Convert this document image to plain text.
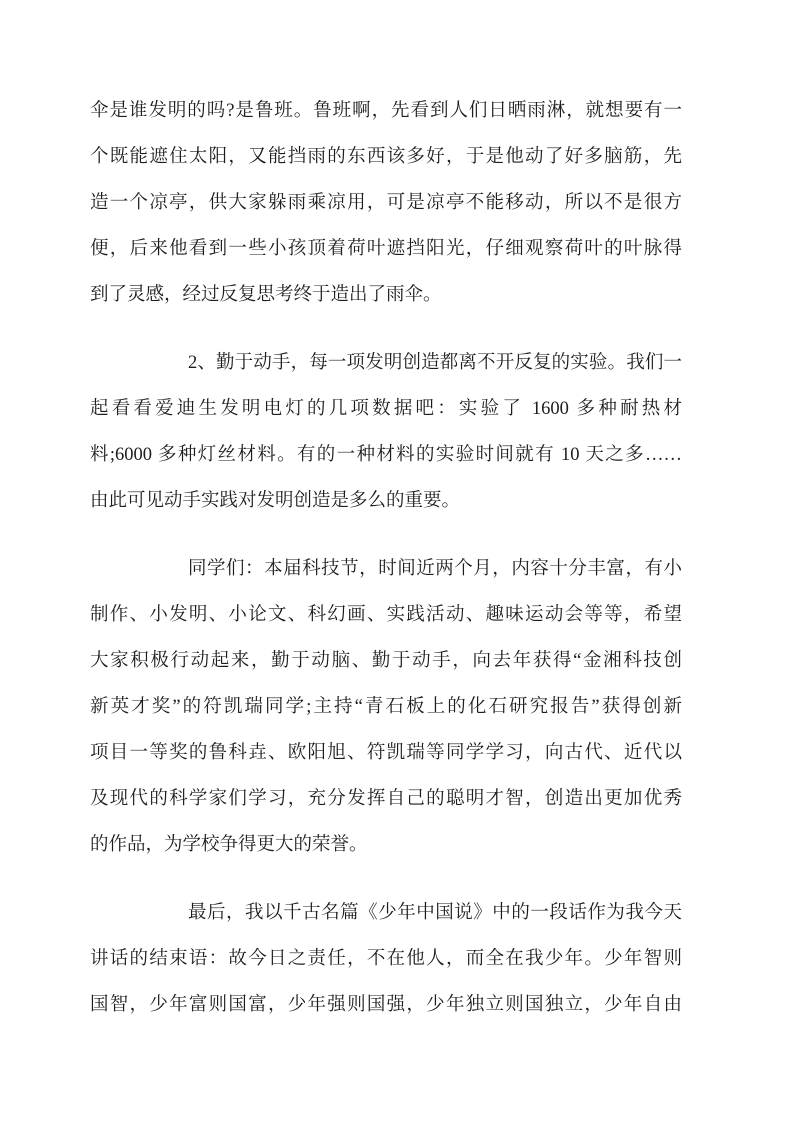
伞是谁发明的吗?是鲁班。鲁班啊，先看到人们日晒雨淋，就想要有一
个既能遮住太阳，又能挡雨的东西该多好，于是他动了好多脑筋，先
造一个凉亭，供大家躲雨乘凉用，可是凉亭不能移动，所以不是很方
便，后来他看到一些小孩顶着荷叶遮挡阳光，仔细观察荷叶的叶脉得
到了灵感，经过反复思考终于造出了雨伞。
2、勤于动手，每一项发明创造都离不开反复的实验。我们一
起看看爱迪生发明电灯的几项数据吧：实验了 1600 多种耐热材
料;6000 多种灯丝材料。有的一种材料的实验时间就有 10 天之多……
由此可见动手实践对发明创造是多么的重要。
同学们：本届科技节，时间近两个月，内容十分丰富，有小
制作、小发明、小论文、科幻画、实践活动、趣味运动会等等，希望
大家积极行动起来，勤于动脑、勤于动手，向去年获得“金湘科技创
新英才奖”的符凯瑞同学;主持“青石板上的化石研究报告”获得创新
项目一等奖的鲁科垚、欧阳旭、符凯瑞等同学学习，向古代、近代以
及现代的科学家们学习，充分发挥自己的聪明才智，创造出更加优秀
的作品，为学校争得更大的荣誉。
最后，我以千古名篇《少年中国说》中的一段话作为我今天
讲话的结束语：故今日之责任，不在他人，而全在我少年。少年智则
国智，少年富则国富，少年强则国强，少年独立则国独立，少年自由
